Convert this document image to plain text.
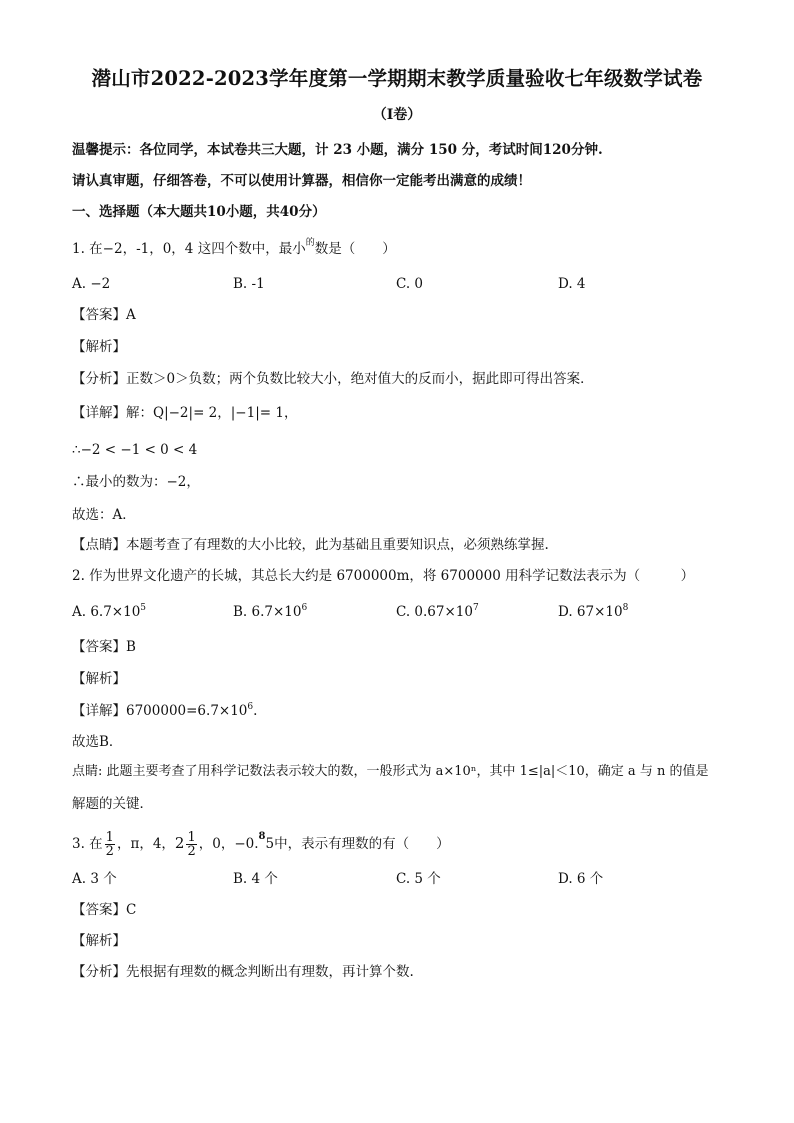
潜山市2022-2023学年度第一学期期末教学质量验收七年级数学试卷
（Ⅰ卷）
温馨提示：各位同学，本试卷共三大题，计 23 小题，满分 150 分，考试时间120分钟.
请认真审题，仔细答卷，不可以使用计算器，相信你一定能考出满意的成绩！
一、选择题（本大题共10小题，共40分）
1. 在−2，-1，0，4 这四个数中，最小$^的$数是（　　）
A. −2	B. -1	C. 0	D. 4
【答案】A
【解析】
【分析】正数＞0＞负数；两个负数比较大小，绝对值大的反而小，据此即可得出答案．
【详解】解：Q|−2|= 2，|−1|= 1，
∴−2 < −1 < 0 < 4
∴最小的数为：−2，
故选：A．
【点睛】本题考查了有理数的大小比较，此为基础且重要知识点，必须熟练掌握.
2. 作为世界文化遗产的长城，其总长大约是 6700000m，将 6700000 用科学记数法表示为（　　　）
A. $6.7\times 10^5$	B. $6.7\times 10^6$	C. $0.67\times 10^7$	D. $67\times 10^8$
【答案】B
【解析】
【详解】$6700000=6.7\times 10^6$.
故选B．
点睛: 此题主要考查了用科学记数法表示较大的数，一般形式为 a×10ⁿ，其中 1≤|a|＜10，确定 a 与 n 的值是
解题的关键．
3. 在 $\frac{1}{2}$ ，π，4，$2 \frac{1}{2}$ ，0，−0.$^8$5中，表示有理数的有（　　）
A. 3 个	B. 4 个	C. 5 个	D. 6 个
【答案】C
【解析】
【分析】先根据有理数的概念判断出有理数，再计算个数.
